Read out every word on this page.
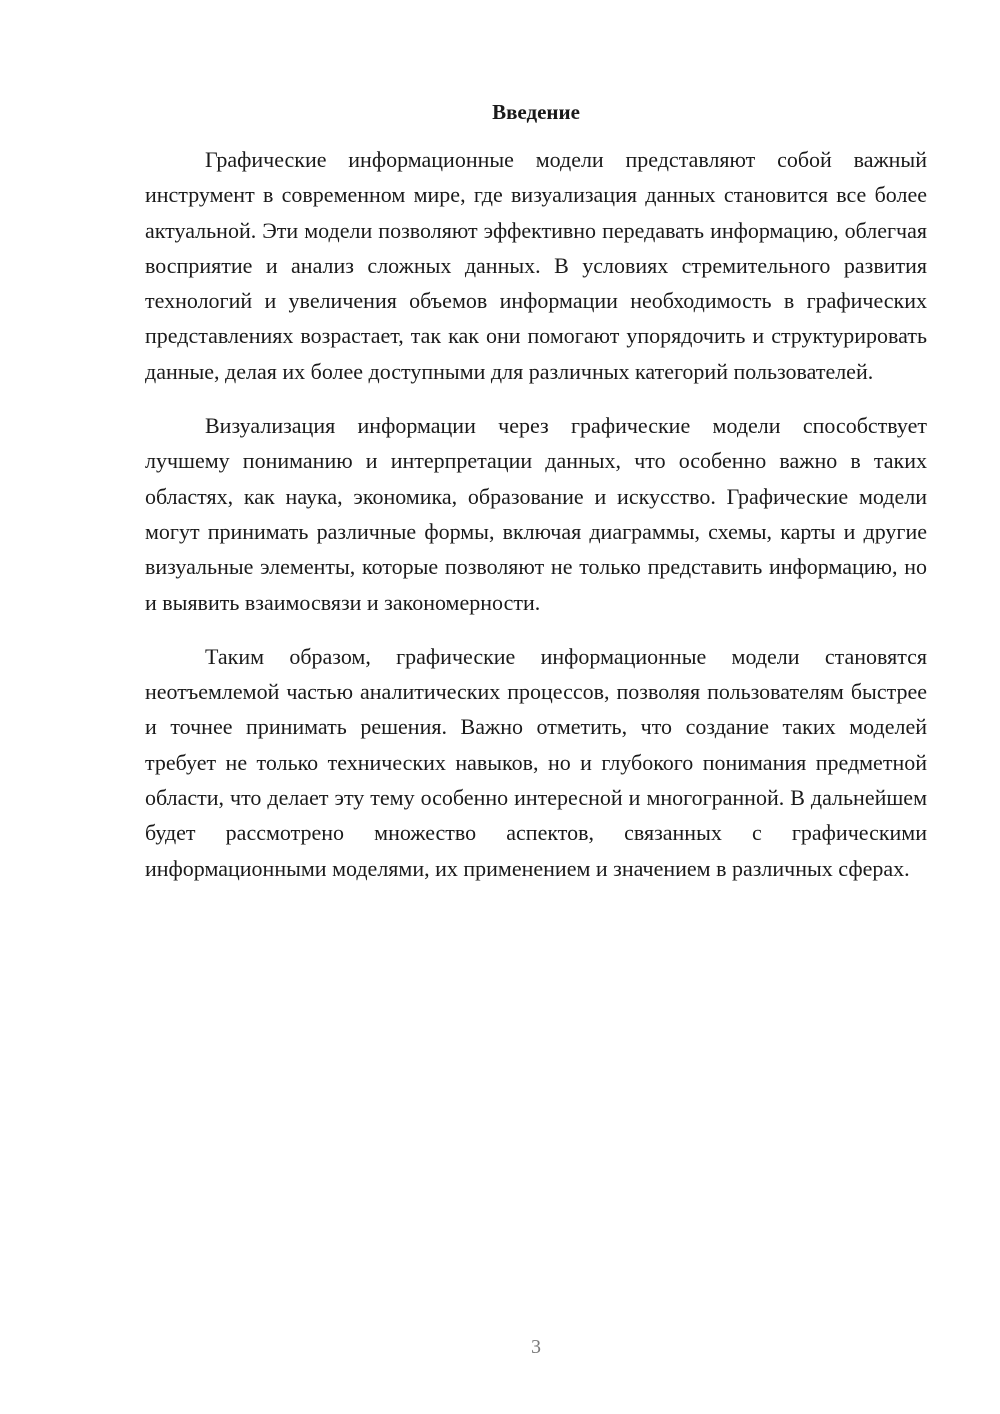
Введение

Графические информационные модели представляют собой важный инструмент в современном мире, где визуализация данных становится все более актуальной. Эти модели позволяют эффективно передавать информацию, облегчая восприятие и анализ сложных данных. В условиях стремительного развития технологий и увеличения объемов информации необходимость в графических представлениях возрастает, так как они помогают упорядочить и структурировать данные, делая их более доступными для различных категорий пользователей.

Визуализация информации через графические модели способствует лучшему пониманию и интерпретации данных, что особенно важно в таких областях, как наука, экономика, образование и искусство. Графические модели могут принимать различные формы, включая диаграммы, схемы, карты и другие визуальные элементы, которые позволяют не только представить информацию, но и выявить взаимосвязи и закономерности.

Таким образом, графические информационные модели становятся неотъемлемой частью аналитических процессов, позволяя пользователям быстрее и точнее принимать решения. Важно отметить, что создание таких моделей требует не только технических навыков, но и глубокого понимания предметной области, что делает эту тему особенно интересной и многогранной. В дальнейшем будет рассмотрено множество аспектов, связанных с графическими информационными моделями, их применением и значением в различных сферах.

3
